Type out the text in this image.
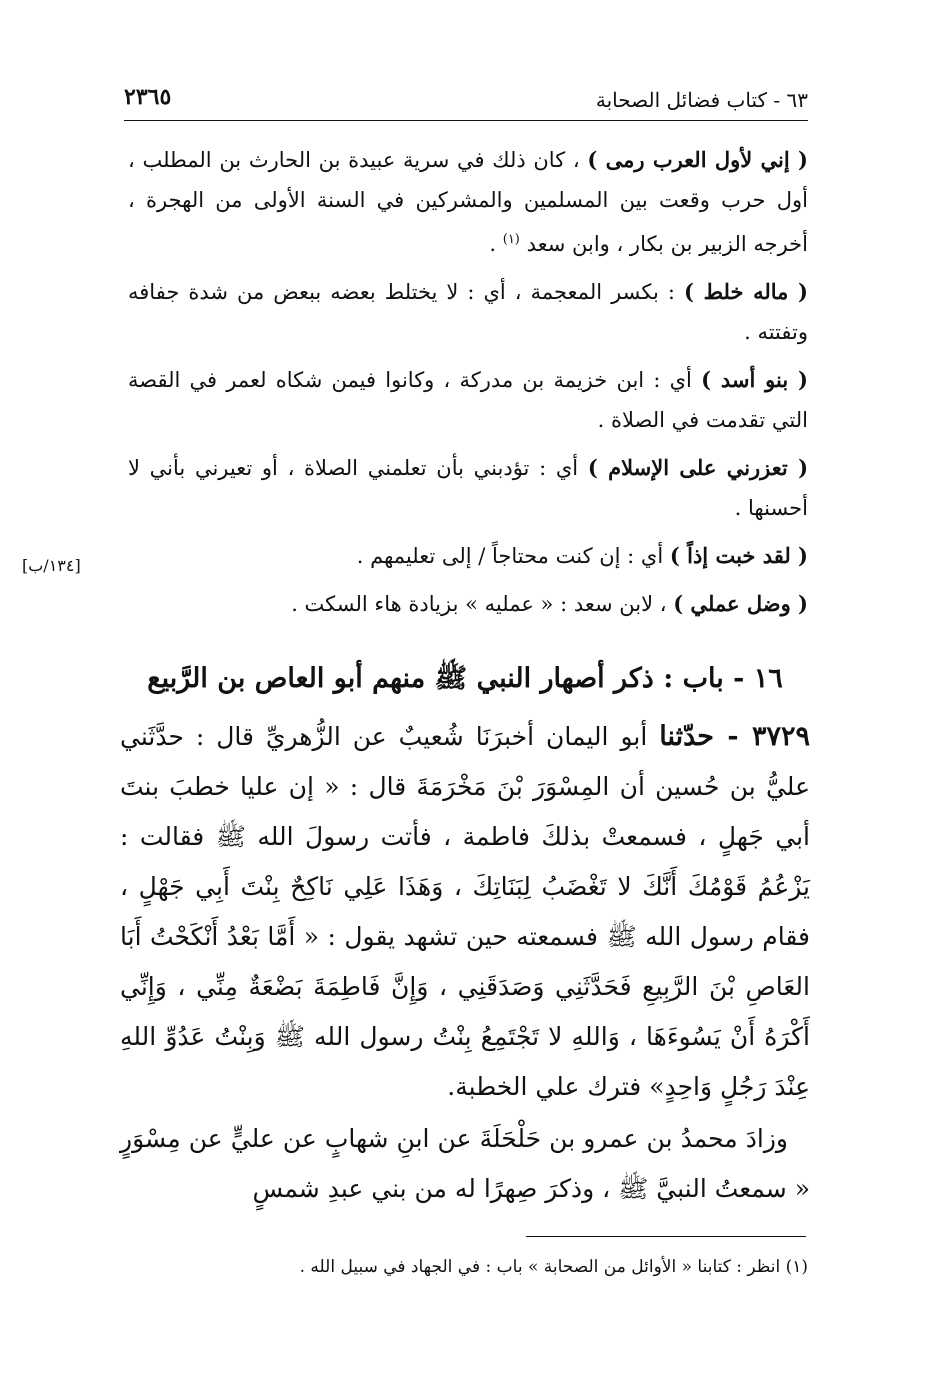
٦٣ - كتاب فضائل الصحابة
٢٣٦٥

( إني لأول العرب رمى ) ، كان ذلك في سرية عبيدة بن الحارث بن المطلب ، أول حرب وقعت بين المسلمين والمشركين في السنة الأولى من الهجرة ، أخرجه الزبير بن بكار ، وابن سعد $^{(١)}$ .

( ماله خلط ) : بكسر المعجمة ، أي : لا يختلط بعضه ببعض من شدة جفافه وتفتته .

( بنو أسد ) أي : ابن خزيمة بن مدركة ، وكانوا فيمن شكاه لعمر في القصة التي تقدمت في الصلاة .

( تعزرني على الإسلام ) أي : تؤدبني بأن تعلمني الصلاة ، أو تعيرني بأني لا أحسنها .

( لقد خبت إذاً ) أي : إن كنت محتاجاً / إلى تعليمهم .

( وضل عملي ) ، لابن سعد : « عمليه » بزيادة هاء السكت .

[١٣٤/ب]
١٦ - باب : ذكر أصهار النبي ﷺ منهم أبو العاص بن الرَّبيع

٣٧٢٩ - حدّثنا أبو اليمان أخبرَنَا شُعيبٌ عن الزُّهريِّ قال : حدَّثَني عليُّ بن حُسين أن المِسْوَرَ بْنَ مَخْرَمَةَ قال : « إن عليا خطبَ بنتَ أبي جَهلٍ ، فسمعتْ بذلكَ فاطمة ، فأتت رسولَ الله ﷺ فقالت : يَزْعُمُ قَوْمُكَ أَنَّكَ لا تَغْضَبُ لِبَنَاتِكَ ، وَهَذَا عَلِي نَاكِحٌ بِنْتَ أَبِي جَهْلٍ ، فقام رسول الله ﷺ فسمعته حين تشهد يقول : « أَمَّا بَعْدُ أَنْكَحْتُ أَبَا العَاصِ بْنَ الرَّبِيعِ فَحَدَّثَنِي وَصَدَقَنِي ، وَإِنَّ فَاطِمَةَ بَضْعَةٌ مِنِّي ، وَإِنِّي أَكْرَهُ أَنْ يَسُوءَهَا ، وَاللهِ لا تَجْتَمِعُ بِنْتُ رسول الله ﷺ وَبِنْتُ عَدُوِّ اللهِ عِنْدَ رَجُلٍ وَاحِدٍ» فترك علي الخطبة.

وزادَ محمدُ بن عمرو بن حَلْحَلَةَ عن ابنِ شهابٍ عن عليٍّ عن مِسْوَرٍ « سمعتُ النبيَّ ﷺ ، وذكرَ صِهرًا له من بني عبدِ شمسٍ

(١) انظر : كتابنا « الأوائل من الصحابة » باب : في الجهاد في سبيل الله .
